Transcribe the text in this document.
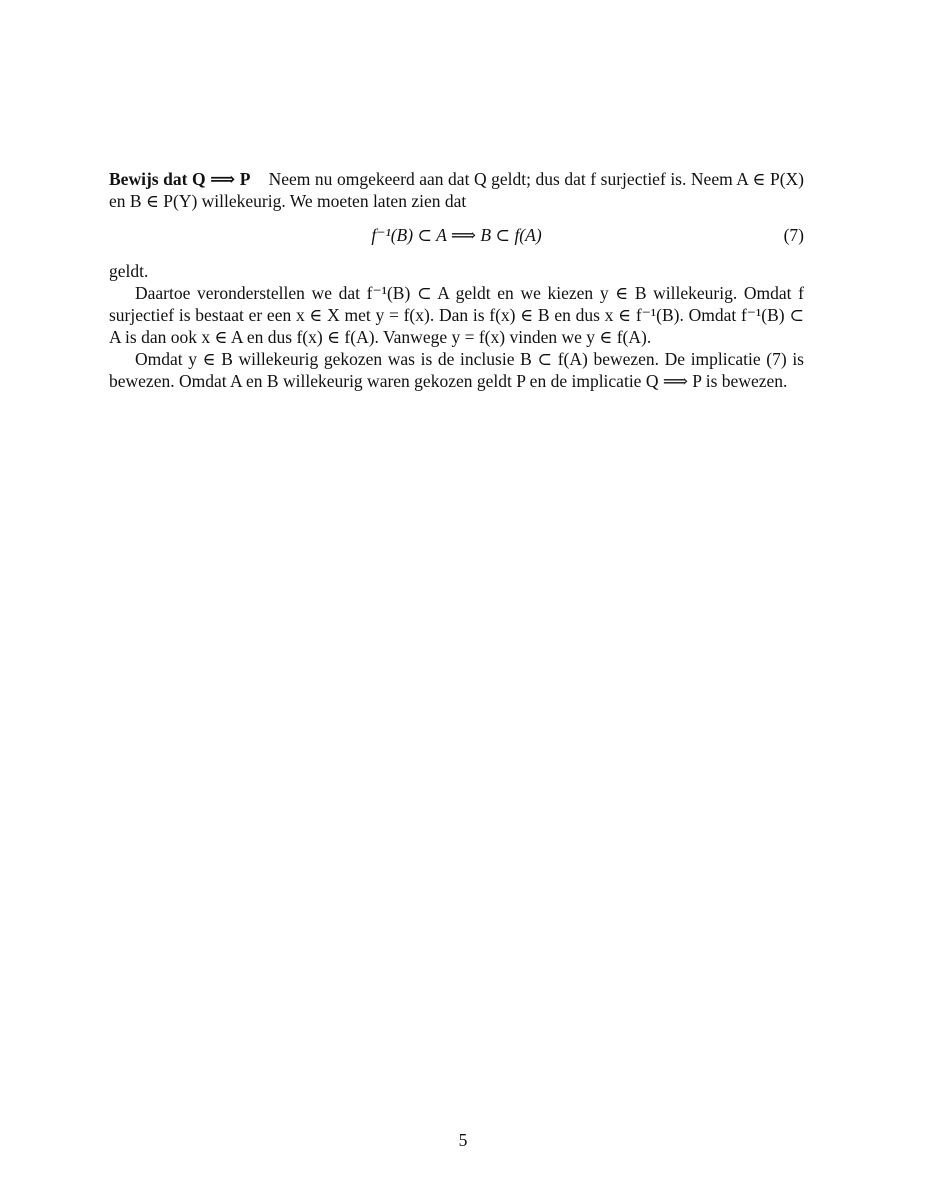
Bewijs dat Q ⟹ P Neem nu omgekeerd aan dat Q geldt; dus dat f surjectief is. Neem A ∈ P(X) en B ∈ P(Y) willekeurig. We moeten laten zien dat

f⁻¹(B) ⊂ A ⟹ B ⊂ f(A)	(7)

geldt.

Daartoe veronderstellen we dat f⁻¹(B) ⊂ A geldt en we kiezen y ∈ B willekeurig. Omdat f surjectief is bestaat er een x ∈ X met y = f(x). Dan is f(x) ∈ B en dus x ∈ f⁻¹(B). Omdat f⁻¹(B) ⊂ A is dan ook x ∈ A en dus f(x) ∈ f(A). Vanwege y = f(x) vinden we y ∈ f(A).

Omdat y ∈ B willekeurig gekozen was is de inclusie B ⊂ f(A) bewezen. De implicatie (7) is bewezen. Omdat A en B willekeurig waren gekozen geldt P en de implicatie Q ⟹ P is bewezen.

5
